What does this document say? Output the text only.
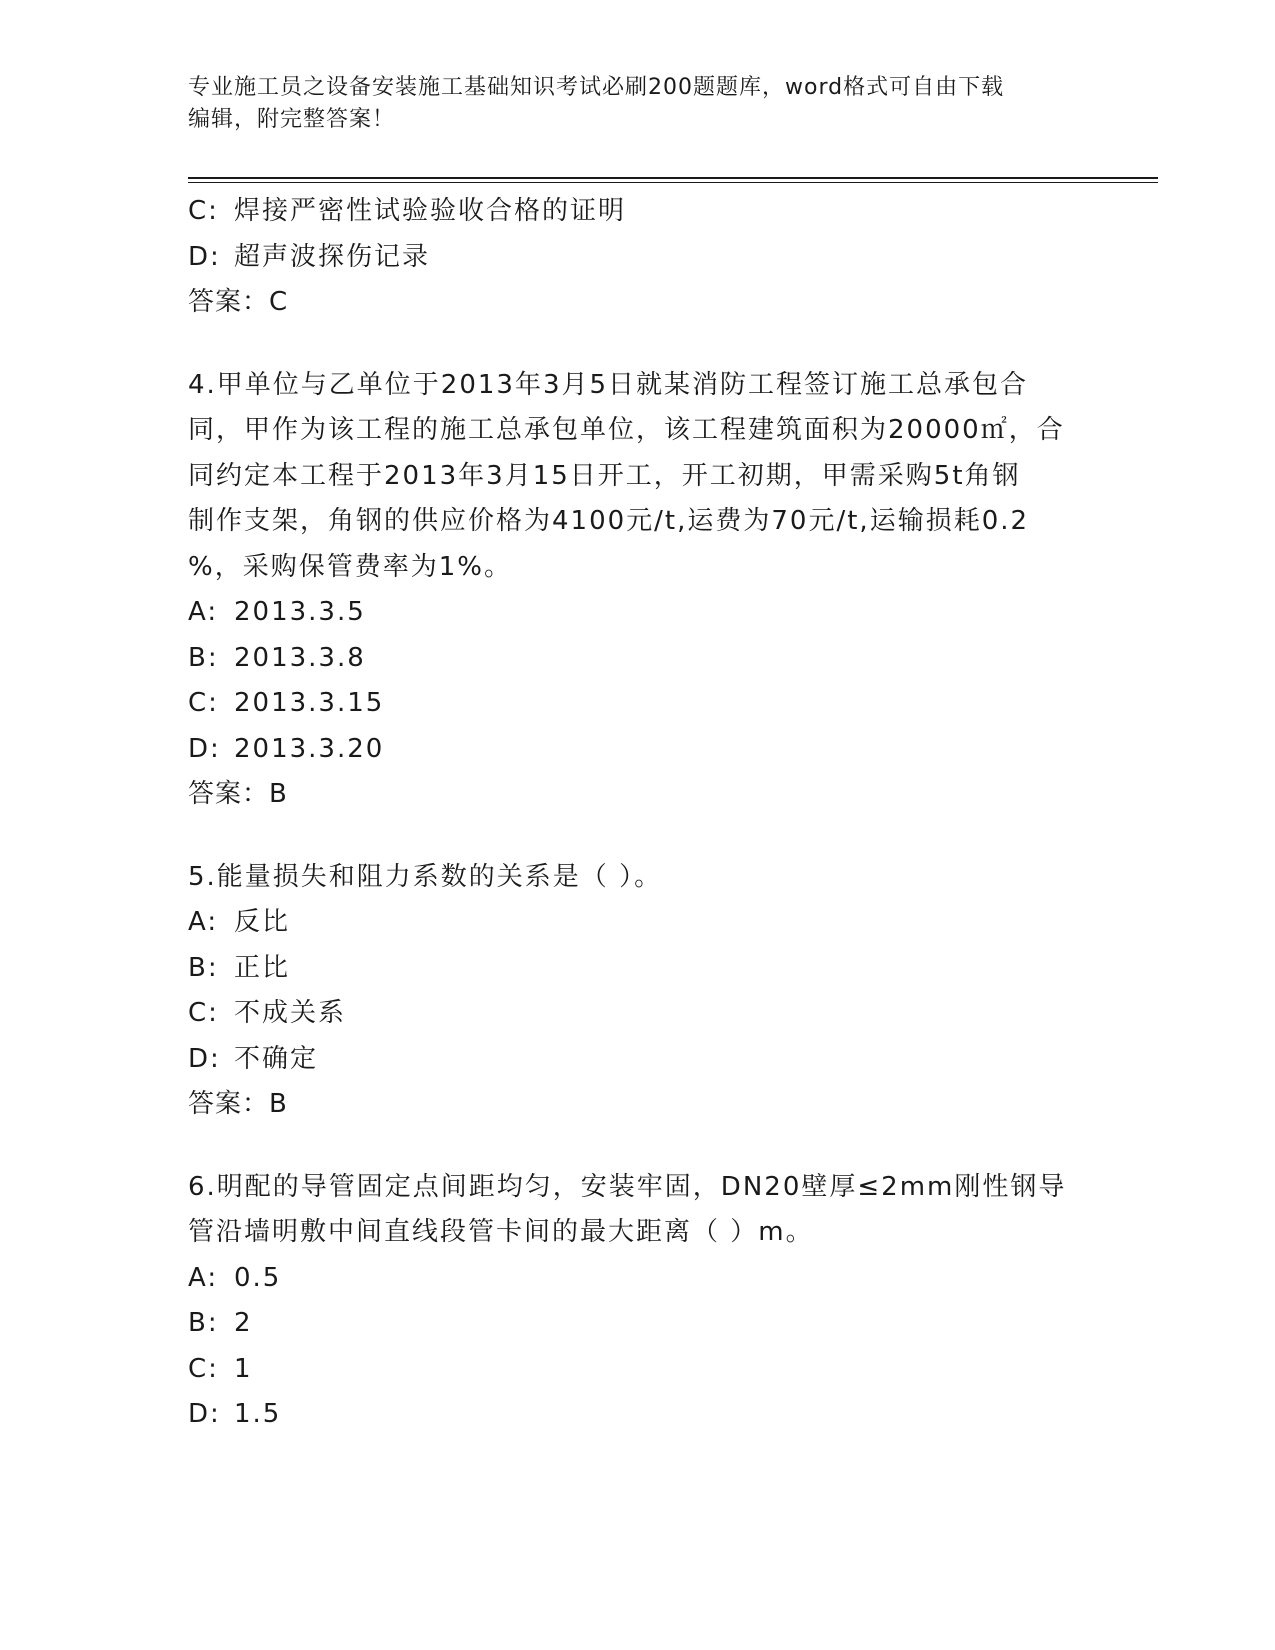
专业施工员之设备安装施工基础知识考试必刷200题题库，word格式可自由下载
编辑，附完整答案！
C: 焊接严密性试验验收合格的证明
D: 超声波探伤记录
答案：C
4.甲单位与乙单位于2013年3月5日就某消防工程签订施工总承包合
同，甲作为该工程的施工总承包单位，该工程建筑面积为20000㎡，合
同约定本工程于2013年3月15日开工，开工初期，甲需采购5t角钢
制作支架，角钢的供应价格为4100元/t,运费为70元/t,运输损耗0.2
%，采购保管费率为1%。
A: 2013.3.5
B: 2013.3.8
C: 2013.3.15
D: 2013.3.20
答案：B
5.能量损失和阻力系数的关系是（ ）。
A: 反比
B: 正比
C: 不成关系
D: 不确定
答案：B
6.明配的导管固定点间距均匀，安装牢固，DN20壁厚≤2mm刚性钢导
管沿墙明敷中间直线段管卡间的最大距离（ ）m。
A: 0.5
B: 2
C: 1
D: 1.5
